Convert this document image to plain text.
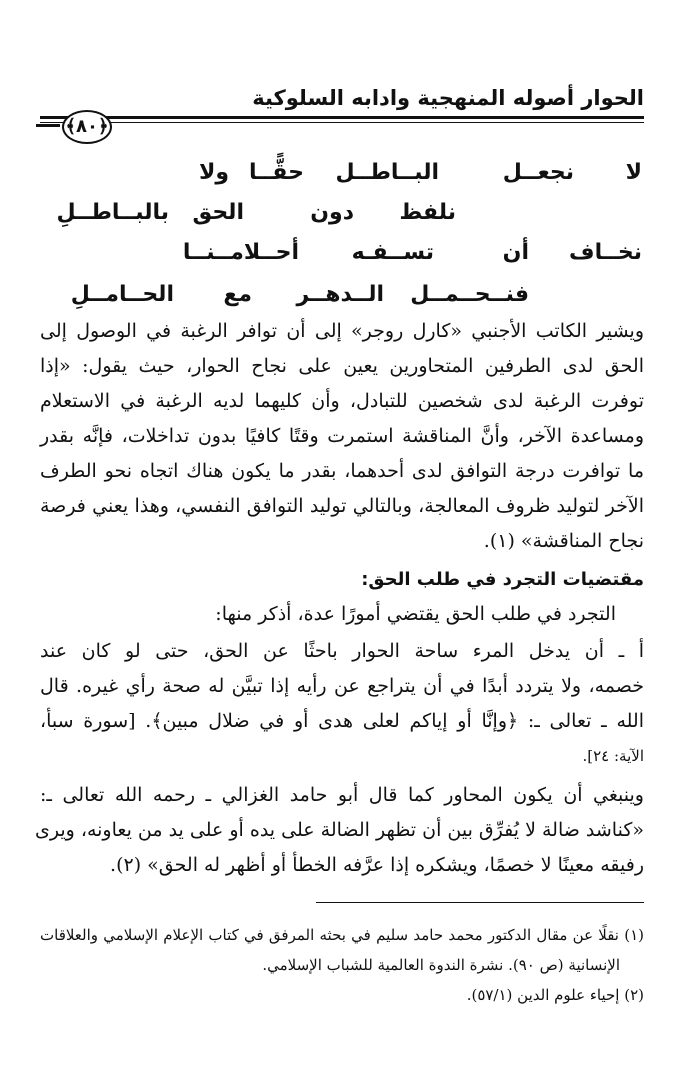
الحوار أصوله المنهجية وادابه السلوكية
﴿٨٠﴾
لا
نجعــل
البــاطــل
حقًّــا
ولا
نلفظ
دون
الحق
بالبــاطــلِ
نخــاف
أن
تســفـه
أحــلامــنــا
فنــحــمــل
الــدهــر
مع
الحــامــلِ
ويشير الكاتب الأجنبي «كارل روجر» إلى أن توافر الرغبة في الوصول إلى
الحق لدى الطرفين المتحاورين يعين على نجاح الحوار، حيث يقول: «إذا
توفرت الرغبة لدى شخصين للتبادل، وأن كليهما لديه الرغبة في الاستعلام
ومساعدة الآخر، وأنَّ المناقشة استمرت وقتًا كافيًا بدون تداخلات، فإنَّه بقدر
ما توافرت درجة التوافق لدى أحدهما، بقدر ما يكون هناك اتجاه نحو الطرف
الآخر لتوليد ظروف المعالجة، وبالتالي توليد التوافق النفسي، وهذا يعني فرصة
نجاح المناقشة» (١).
مقتضيات التجرد في طلب الحق:
التجرد في طلب الحق يقتضي أمورًا عدة، أذكر منها:
أ ـ أن يدخل المرء ساحة الحوار باحثًا عن الحق، حتى لو كان عند
خصمه، ولا يتردد أبدًا في أن يتراجع عن رأيه إذا تبيَّن له صحة رأي غيره. قال
الله ـ تعالى ـ: ﴿وإنَّا أو إياكم لعلى هدى أو في ضلال مبين﴾. [سورة سبأ،
الآية: ٢٤].
وينبغي أن يكون المحاور كما قال أبو حامد الغزالي ـ رحمه الله تعالى ـ:
«كناشد ضالة لا يُفرِّق بين أن تظهر الضالة على يده أو على يد من يعاونه، ويرى
رفيقه معينًا لا خصمًا، ويشكره إذا عرَّفه الخطأ أو أظهر له الحق» (٢).
(١) نقلًا عن مقال الدكتور محمد حامد سليم في بحثه المرفق في كتاب الإعلام الإسلامي والعلاقات
الإنسانية (ص ٩٠). نشرة الندوة العالمية للشباب الإسلامي.
(٢) إحياء علوم الدين (٥٧/١).
